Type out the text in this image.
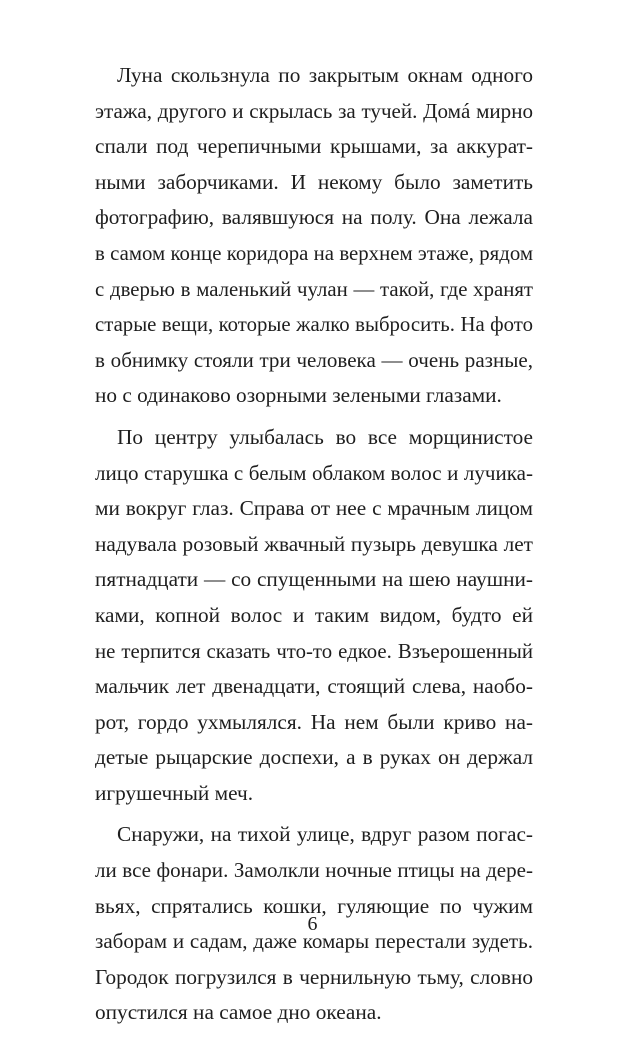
Луна скользнула по закрытым окнам одного
этажа, другого и скрылась за тучей. Домá мирно
спали под черепичными крышами, за аккурат-
ными заборчиками. И некому было заметить
фотографию, валявшуюся на полу. Она лежала
в самом конце коридора на верхнем этаже, рядом
с дверью в маленький чулан — такой, где хранят
старые вещи, которые жалко выбросить. На фото
в обнимку стояли три человека — очень разные,
но с одинаково озорными зелеными глазами.
По центру улыбалась во все морщинистое
лицо старушка с белым облаком волос и лучика-
ми вокруг глаз. Справа от нее с мрачным лицом
надувала розовый жвачный пузырь девушка лет
пятнадцати — со спущенными на шею наушни-
ками, копной волос и таким видом, будто ей
не терпится сказать что-то едкое. Взъерошенный
мальчик лет двенадцати, стоящий слева, наобо-
рот, гордо ухмылялся. На нем были криво на-
детые рыцарские доспехи, а в руках он держал
игрушечный меч.
Снаружи, на тихой улице, вдруг разом погас-
ли все фонари. Замолкли ночные птицы на дере-
вьях, спрятались кошки, гуляющие по чужим
заборам и садам, даже комары перестали зудеть.
Городок погрузился в чернильную тьму, словно
опустился на самое дно океана.
6
